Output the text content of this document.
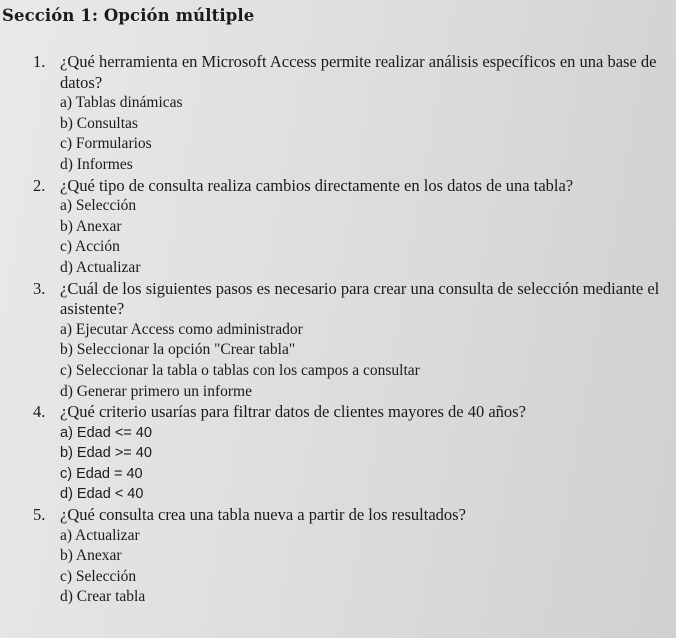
Sección 1: Opción múltiple
1. ¿Qué herramienta en Microsoft Access permite realizar análisis específicos en una base de datos?
a) Tablas dinámicas
b) Consultas
c) Formularios
d) Informes
2. ¿Qué tipo de consulta realiza cambios directamente en los datos de una tabla?
a) Selección
b) Anexar
c) Acción
d) Actualizar
3. ¿Cuál de los siguientes pasos es necesario para crear una consulta de selección mediante el asistente?
a) Ejecutar Access como administrador
b) Seleccionar la opción "Crear tabla"
c) Seleccionar la tabla o tablas con los campos a consultar
d) Generar primero un informe
4. ¿Qué criterio usarías para filtrar datos de clientes mayores de 40 años?
a) Edad <= 40
b) Edad >= 40
c) Edad = 40
d) Edad < 40
5. ¿Qué consulta crea una tabla nueva a partir de los resultados?
a) Actualizar
b) Anexar
c) Selección
d) Crear tabla
